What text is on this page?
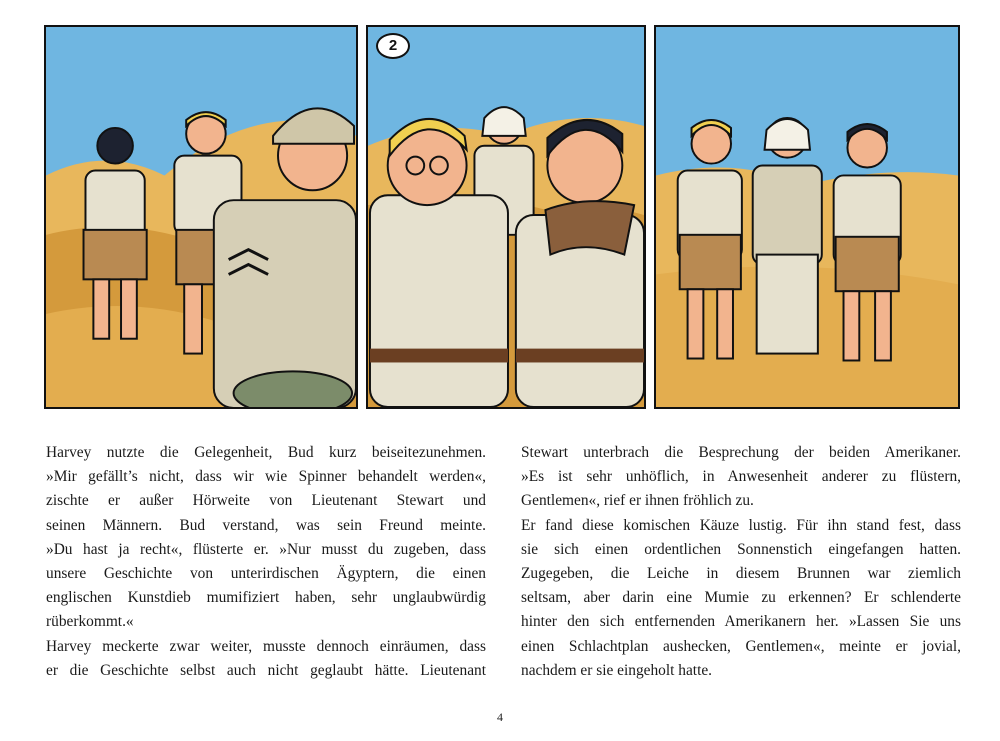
2

Harvey nutzte die Gelegenheit, Bud kurz beiseitezunehmen.

»Mir gefällt’s nicht, dass wir wie Spinner behandelt werden«,

zischte er außer Hörweite von Lieutenant Stewart und

seinen Männern. Bud verstand, was sein Freund meinte.

»Du hast ja recht«, flüsterte er. »Nur musst du zugeben, dass

unsere Geschichte von unterirdischen Ägyptern, die einen

englischen Kunstdieb mumifiziert haben, sehr unglaubwürdig

rüberkommt.«

Harvey meckerte zwar weiter, musste dennoch einräumen, dass

er die Geschichte selbst auch nicht geglaubt hätte. Lieutenant

Stewart unterbrach die Besprechung der beiden Amerikaner.

»Es ist sehr unhöflich, in Anwesenheit anderer zu flüstern,

Gentlemen«, rief er ihnen fröhlich zu.

Er fand diese komischen Käuze lustig. Für ihn stand fest, dass

sie sich einen ordentlichen Sonnenstich eingefangen hatten.

Zugegeben, die Leiche in diesem Brunnen war ziemlich

seltsam, aber darin eine Mumie zu erkennen? Er schlenderte

hinter den sich entfernenden Amerikanern her. »Lassen Sie uns

einen Schlachtplan aushecken, Gentlemen«, meinte er jovial,

nachdem er sie eingeholt hatte.

4
